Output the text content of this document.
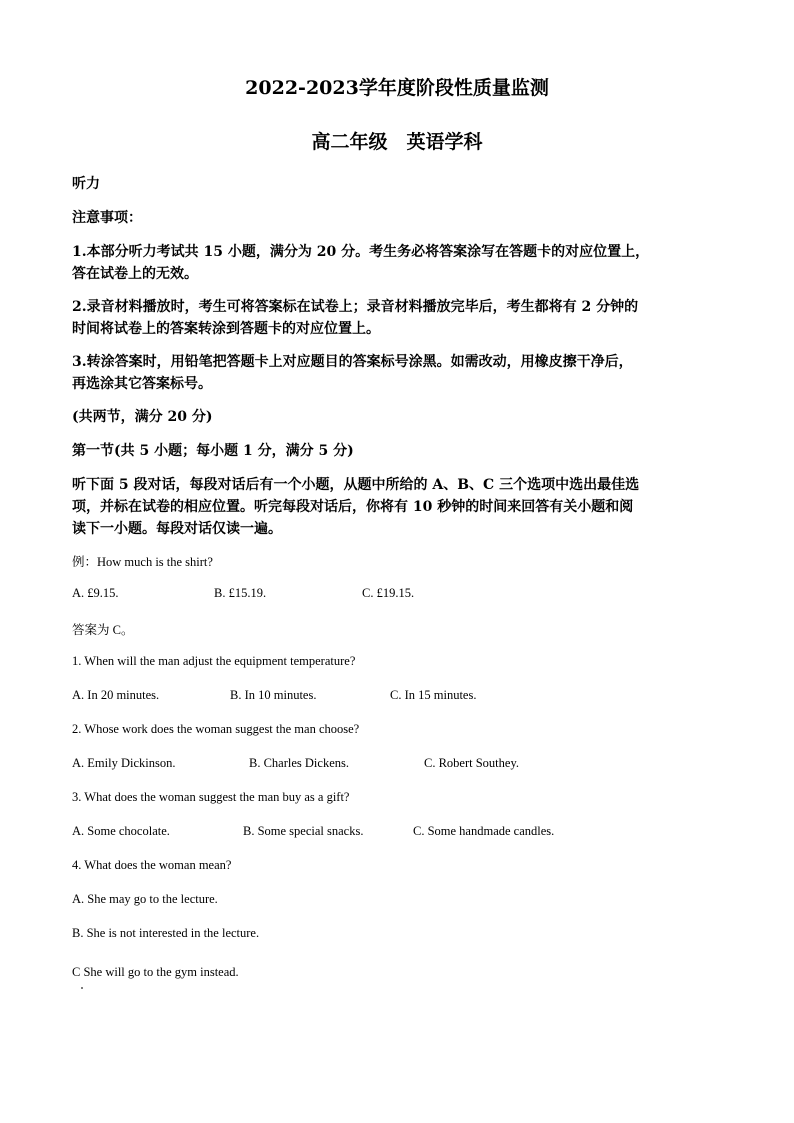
2022-2023学年度阶段性质量监测
高二年级　英语学科
听力
注意事项：
1.本部分听力考试共 15 小题，满分为 20 分。考生务必将答案涂写在答题卡的对应位置上，
答在试卷上的无效。
2.录音材料播放时，考生可将答案标在试卷上；录音材料播放完毕后，考生都将有 2 分钟的
时间将试卷上的答案转涂到答题卡的对应位置上。
3.转涂答案时，用铅笔把答题卡上对应题目的答案标号涂黑。如需改动，用橡皮擦干净后，
再选涂其它答案标号。
(共两节，满分 20 分)
第一节(共 5 小题；每小题 1 分，满分 5 分)
听下面 5 段对话，每段对话后有一个小题，从题中所给的 A、B、C 三个选项中选出最佳选
项，并标在试卷的相应位置。听完每段对话后，你将有 10 秒钟的时间来回答有关小题和阅
读下一小题。每段对话仅读一遍。
例：How much is the shirt?
A. £9.15.	B. £15.19.	C. £19.15.
答案为 C。
1. When will the man adjust the equipment temperature?
A. In 20 minutes.	B. In 10 minutes.	C. In 15 minutes.
2. Whose work does the woman suggest the man choose?
A. Emily Dickinson.	B. Charles Dickens.	C. Robert Southey.
3. What does the woman suggest the man buy as a gift?
A. Some chocolate.	B. Some special snacks.	C. Some handmade candles.
4. What does the woman mean?
A. She may go to the lecture.
B. She is not interested in the lecture.
C She will go to the gym instead.
